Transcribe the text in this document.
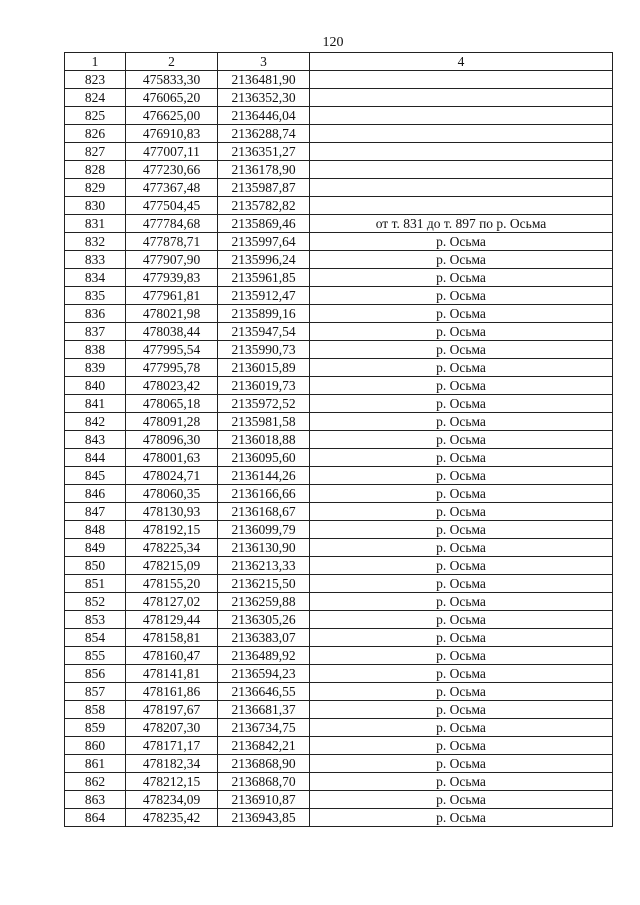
120
1	2	3	4
823	475833,30	2136481,90	
824	476065,20	2136352,30	
825	476625,00	2136446,04	
826	476910,83	2136288,74	
827	477007,11	2136351,27	
828	477230,66	2136178,90	
829	477367,48	2135987,87	
830	477504,45	2135782,82	
831	477784,68	2135869,46	от т. 831 до т. 897 по р. Осьма
832	477878,71	2135997,64	р. Осьма
833	477907,90	2135996,24	р. Осьма
834	477939,83	2135961,85	р. Осьма
835	477961,81	2135912,47	р. Осьма
836	478021,98	2135899,16	р. Осьма
837	478038,44	2135947,54	р. Осьма
838	477995,54	2135990,73	р. Осьма
839	477995,78	2136015,89	р. Осьма
840	478023,42	2136019,73	р. Осьма
841	478065,18	2135972,52	р. Осьма
842	478091,28	2135981,58	р. Осьма
843	478096,30	2136018,88	р. Осьма
844	478001,63	2136095,60	р. Осьма
845	478024,71	2136144,26	р. Осьма
846	478060,35	2136166,66	р. Осьма
847	478130,93	2136168,67	р. Осьма
848	478192,15	2136099,79	р. Осьма
849	478225,34	2136130,90	р. Осьма
850	478215,09	2136213,33	р. Осьма
851	478155,20	2136215,50	р. Осьма
852	478127,02	2136259,88	р. Осьма
853	478129,44	2136305,26	р. Осьма
854	478158,81	2136383,07	р. Осьма
855	478160,47	2136489,92	р. Осьма
856	478141,81	2136594,23	р. Осьма
857	478161,86	2136646,55	р. Осьма
858	478197,67	2136681,37	р. Осьма
859	478207,30	2136734,75	р. Осьма
860	478171,17	2136842,21	р. Осьма
861	478182,34	2136868,90	р. Осьма
862	478212,15	2136868,70	р. Осьма
863	478234,09	2136910,87	р. Осьма
864	478235,42	2136943,85	р. Осьма
